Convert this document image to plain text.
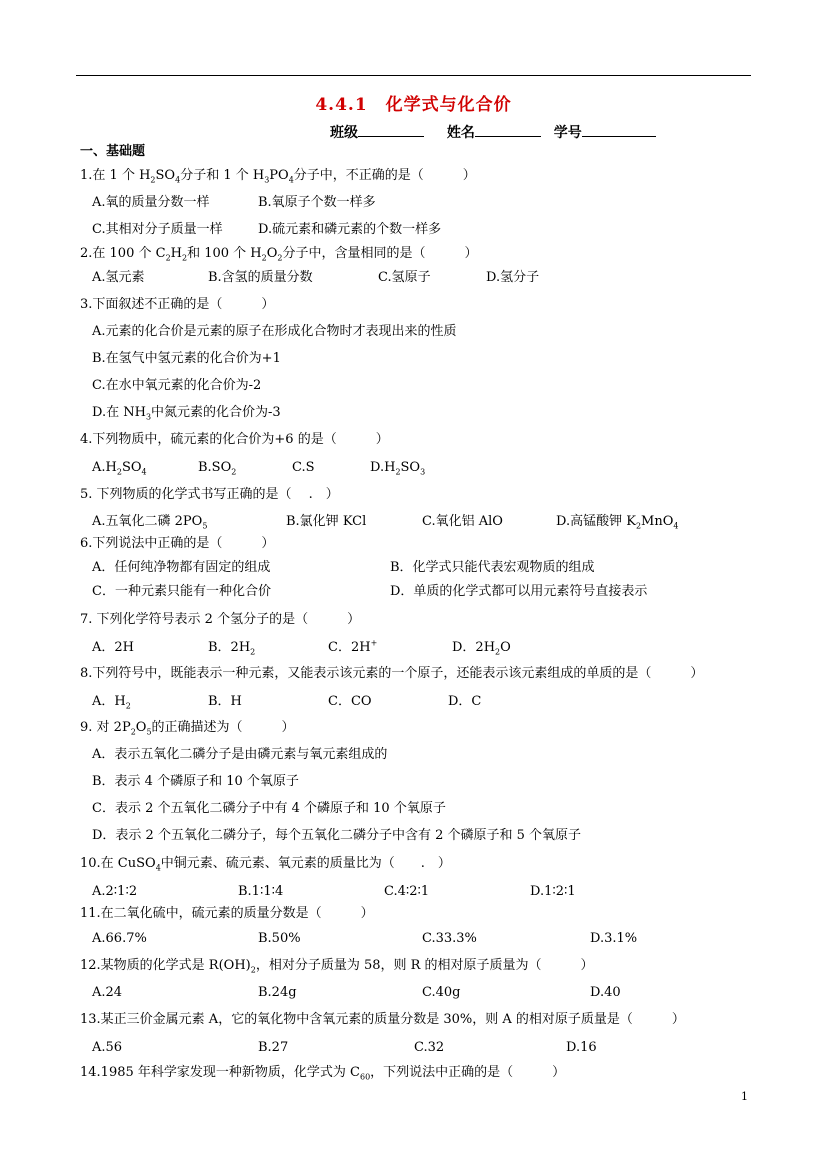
4.4.1　化学式与化合价
班级	姓名	学号
一、基础题
1.在 1 个 $H_2SO_4$分子和 1 个 $H_3PO_4$分子中，不正确的是（　　　）
A.氧的质量分数一样	B.氧原子个数一样多
C.其相对分子质量一样	D.硫元素和磷元素的个数一样多
2.在 100 个 $C_2H_2$和 100 个 $H_2O_2$分子中，含量相同的是（　　　）
A.氢元素	B.含氢的质量分数	C.氢原子	D.氢分子
3.下面叙述不正确的是（　　　）
A.元素的化合价是元素的原子在形成化合物时才表现出来的性质
B.在氢气中氢元素的化合价为+1
C.在水中氧元素的化合价为-2
D.在 $NH_3$中氮元素的化合价为-3
4.下列物质中，硫元素的化合价为+6 的是（　　　）
$A.H_2SO_4$	$B.SO_2$	C.S	$D.H_2SO_3$
5. 下列物质的化学式书写正确的是（　 .　）
A.五氧化二磷 $2PO_5$	B.氯化钾 KCl	C.氧化铝 AlO	D.高锰酸钾 $K_2MnO_4$
6.下列说法中正确的是（　　　）
A．任何纯净物都有固定的组成	B．化学式只能代表宏观物质的组成
C．一种元素只能有一种化合价	D．单质的化学式都可以用元素符号直接表示
7. 下列化学符号表示 2 个氢分子的是（　　　）
A．2H	B．$2H_2$	C．2H+	D．$2H_2O$
8.下列符号中，既能表示一种元素，又能表示该元素的一个原子，还能表示该元素组成的单质的是（　　　）
A．$H_2$	B．H	C．CO	D．C
9. 对 $2P_2O_5$的正确描述为（　　　）
A．表示五氧化二磷分子是由磷元素与氧元素组成的
B．表示 4 个磷原子和 10 个氧原子
C．表示 2 个五氧化二磷分子中有 4 个磷原子和 10 个氧原子
D．表示 2 个五氧化二磷分子，每个五氧化二磷分子中含有 2 个磷原子和 5 个氧原子
10.在 CuSO$_4$中铜元素、硫元素、氧元素的质量比为（　　.　）
A.2∶1∶2	B.1∶1∶4	C.4∶2∶1	D.1∶2∶1
11.在二氧化硫中，硫元素的质量分数是（　　　）
A.66.7%	B.50%	C.33.3%	D.3.1%
12.某物质的化学式是 $R(OH)_2$，相对分子质量为 58，则 R 的相对原子质量为（　　　）
A.24	B.24g	C.40g	D.40
13.某正三价金属元素 A，它的氧化物中含氧元素的质量分数是 30%，则 A 的相对原子质量是（　　　）
A.56	B.27	C.32	D.16
14.1985 年科学家发现一种新物质，化学式为 $C_{60}$，下列说法中正确的是（　　　）
1
